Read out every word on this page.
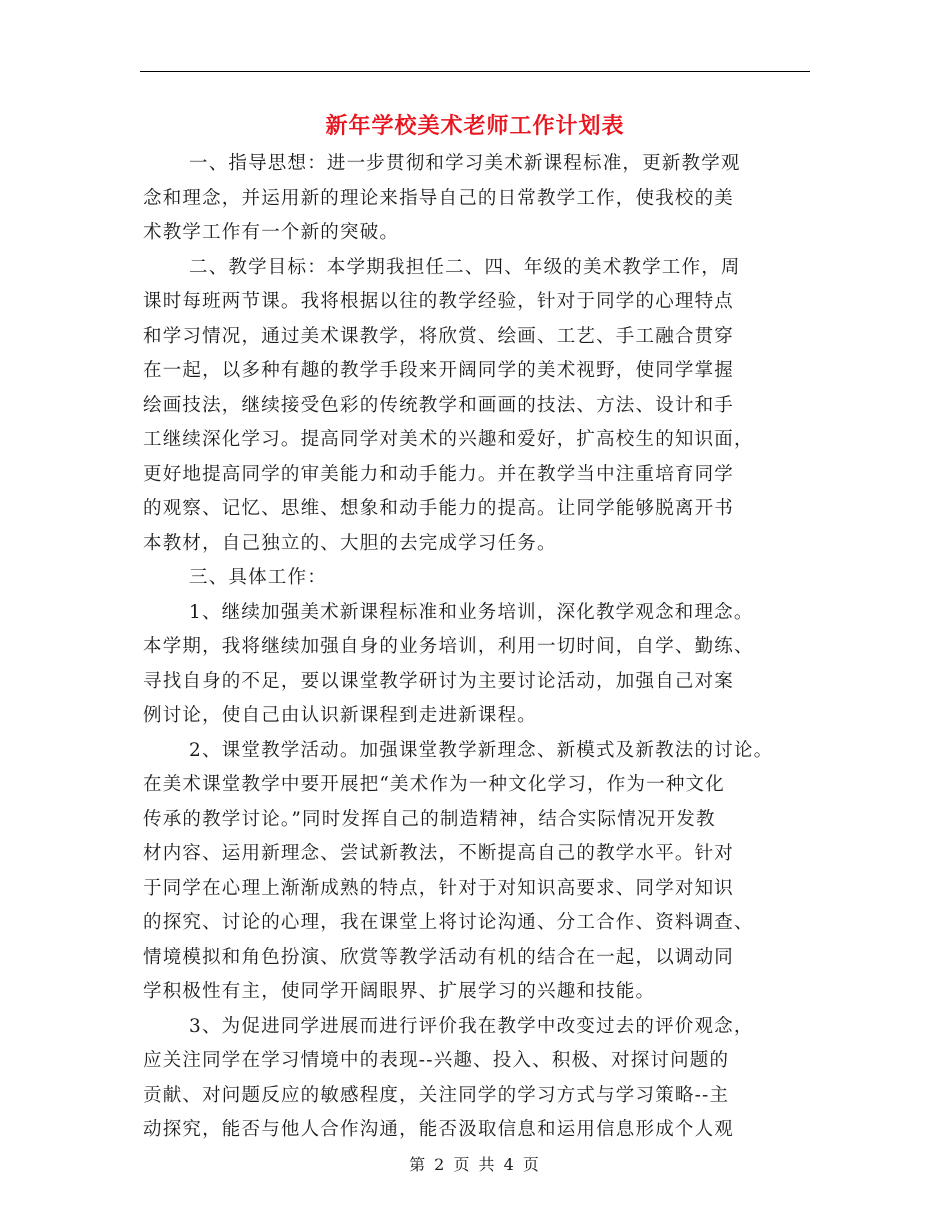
新年学校美术老师工作计划表
一、指导思想：进一步贯彻和学习美术新课程标准，更新教学观
念和理念，并运用新的理论来指导自己的日常教学工作，使我校的美
术教学工作有一个新的突破。
二、教学目标：本学期我担任二、四、年级的美术教学工作，周
课时每班两节课。我将根据以往的教学经验，针对于同学的心理特点
和学习情况，通过美术课教学，将欣赏、绘画、工艺、手工融合贯穿
在一起，以多种有趣的教学手段来开阔同学的美术视野，使同学掌握
绘画技法，继续接受色彩的传统教学和画画的技法、方法、设计和手
工继续深化学习。提高同学对美术的兴趣和爱好，扩高校生的知识面，
更好地提高同学的审美能力和动手能力。并在教学当中注重培育同学
的观察、记忆、思维、想象和动手能力的提高。让同学能够脱离开书
本教材，自己独立的、大胆的去完成学习任务。
三、具体工作：
1、继续加强美术新课程标准和业务培训，深化教学观念和理念。
本学期，我将继续加强自身的业务培训，利用一切时间，自学、勤练、
寻找自身的不足，要以课堂教学研讨为主要讨论活动，加强自己对案
例讨论，使自己由认识新课程到走进新课程。
2、课堂教学活动。加强课堂教学新理念、新模式及新教法的讨论。
在美术课堂教学中要开展把“美术作为一种文化学习，作为一种文化
传承的教学讨论。”同时发挥自己的制造精神，结合实际情况开发教
材内容、运用新理念、尝试新教法，不断提高自己的教学水平。针对
于同学在心理上渐渐成熟的特点，针对于对知识高要求、同学对知识
的探究、讨论的心理，我在课堂上将讨论沟通、分工合作、资料调查、
情境模拟和角色扮演、欣赏等教学活动有机的结合在一起，以调动同
学积极性有主，使同学开阔眼界、扩展学习的兴趣和技能。
3、为促进同学进展而进行评价我在教学中改变过去的评价观念，
应关注同学在学习情境中的表现--兴趣、投入、积极、对探讨问题的
贡献、对问题反应的敏感程度，关注同学的学习方式与学习策略--主
动探究，能否与他人合作沟通，能否汲取信息和运用信息形成个人观
第 2 页 共 4 页
